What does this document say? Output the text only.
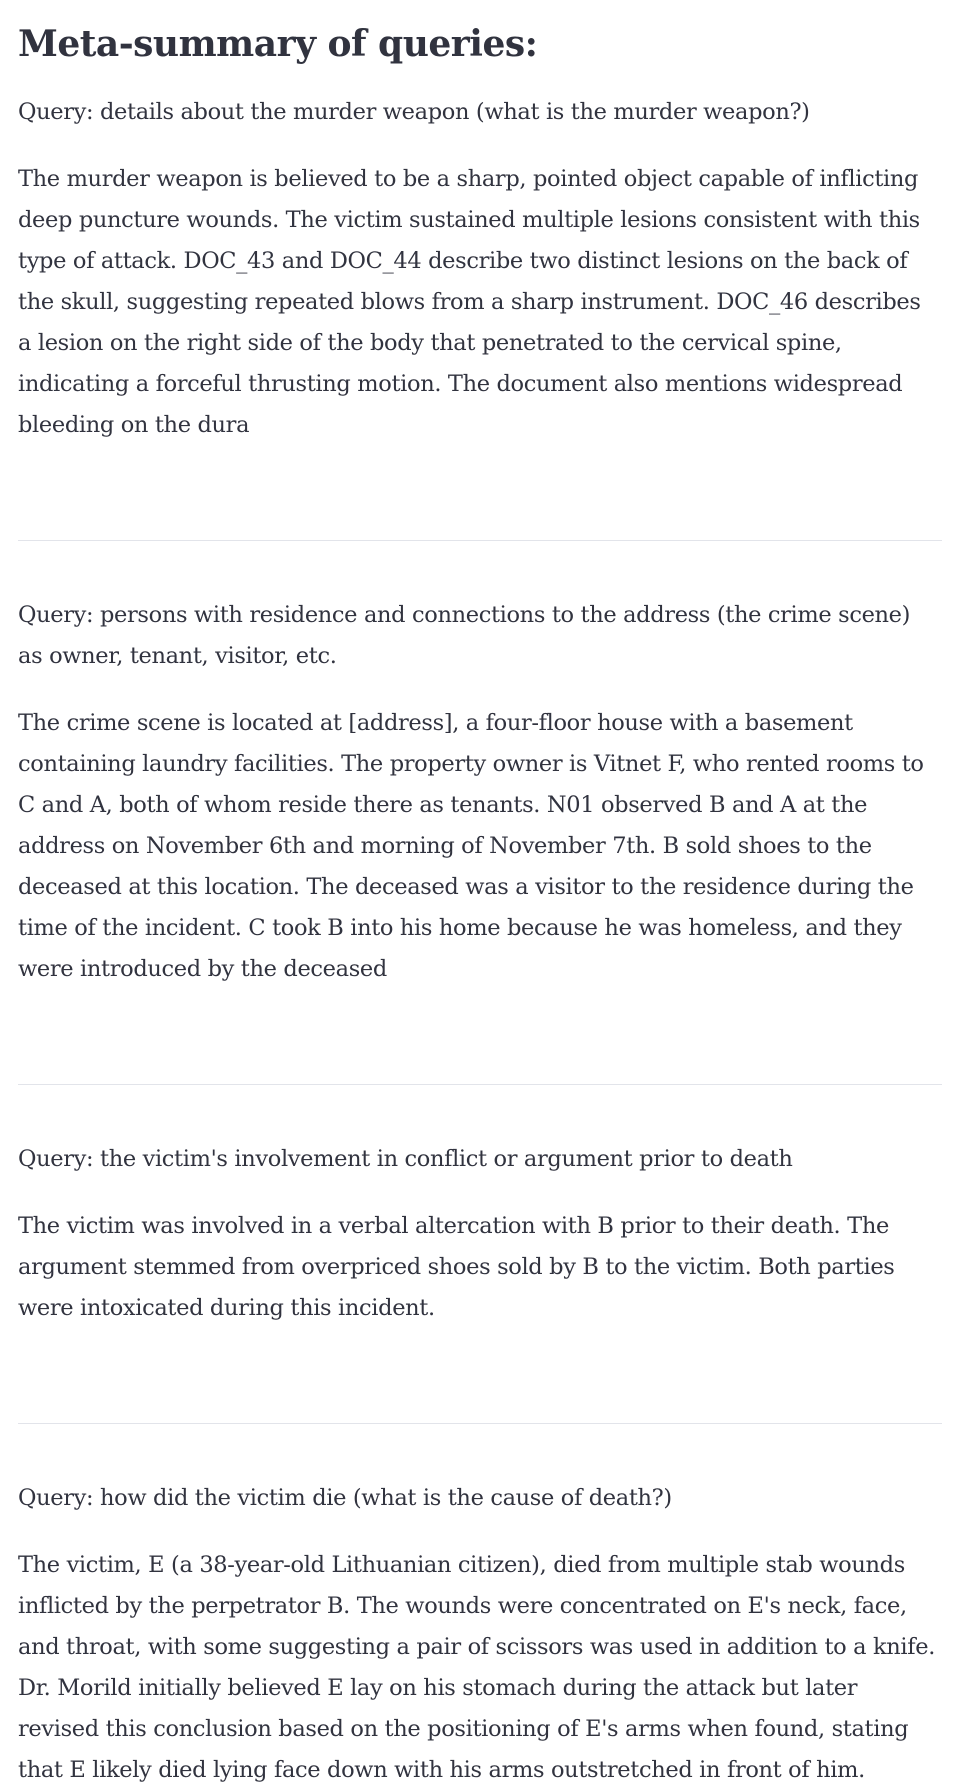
Meta-summary of queries:

Query: details about the murder weapon (what is the murder weapon?)

The murder weapon is believed to be a sharp, pointed object capable of inflicting deep puncture wounds. The victim sustained multiple lesions consistent with this type of attack. DOC_43 and DOC_44 describe two distinct lesions on the back of the skull, suggesting repeated blows from a sharp instrument. DOC_46 describes a lesion on the right side of the body that penetrated to the cervical spine, indicating a forceful thrusting motion. The document also mentions widespread bleeding on the dura

Query: persons with residence and connections to the address (the crime scene) as owner, tenant, visitor, etc.

The crime scene is located at [address], a four-floor house with a basement containing laundry facilities. The property owner is Vitnet F, who rented rooms to C and A, both of whom reside there as tenants. N01 observed B and A at the address on November 6th and morning of November 7th. B sold shoes to the deceased at this location. The deceased was a visitor to the residence during the time of the incident. C took B into his home because he was homeless, and they were introduced by the deceased

Query: the victim's involvement in conflict or argument prior to death

The victim was involved in a verbal altercation with B prior to their death. The argument stemmed from overpriced shoes sold by B to the victim. Both parties were intoxicated during this incident.

Query: how did the victim die (what is the cause of death?)

The victim, E (a 38-year-old Lithuanian citizen), died from multiple stab wounds inflicted by the perpetrator B. The wounds were concentrated on E's neck, face, and throat, with some suggesting a pair of scissors was used in addition to a knife. Dr. Morild initially believed E lay on his stomach during the attack but later revised this conclusion based on the positioning of E's arms when found, stating that E likely died lying face down with his arms outstretched in front of him.
